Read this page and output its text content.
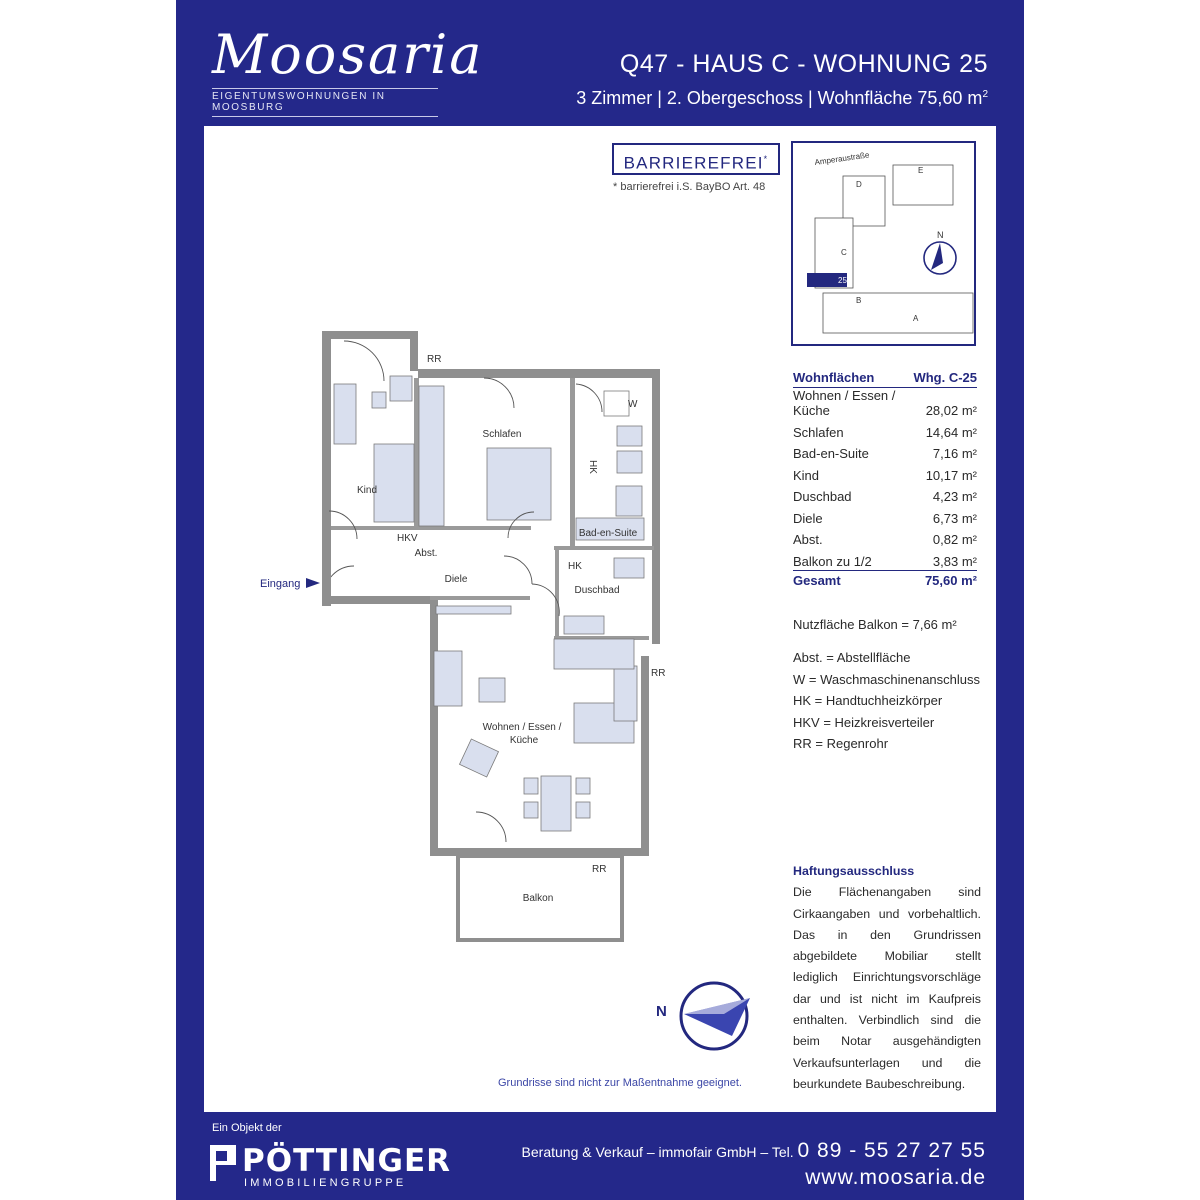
Moosaria
EIGENTUMSWOHNUNGEN IN MOOSBURG
Q47 - HAUS C - WOHNUNG 25
3 Zimmer | 2. Obergeschoss | Wohnfläche 75,60 $m^2$
Kind
Schlafen
Bad-en-Suite
Diele
Duschbad
Wohnen / Essen /
Küche
Balkon
Abst.
RR
RR
RR
HKV
HK
HK
W
Eingang
BARRIEREFREI*
* barrierefrei i.S. BayBO Art. 48
Amperaustraße
A
B
C
D
E
25
N
Wohnflächen	Whg. C-25
Wohnen / Essen / Küche	28,02 m²
Schlafen	14,64 m²
Bad-en-Suite	7,16 m²
Kind	10,17 m²
Duschbad	4,23 m²
Diele	6,73 m²
Abst.	0,82 m²
Balkon zu 1/2	3,83 m²
Gesamt	75,60 m²
Nutzfläche Balkon = 7,66 m²
Abst. = Abstellfläche
W = Waschmaschinenanschluss
HK = Handtuchheizkörper
HKV = Heizkreisverteiler
RR = Regenrohr
Haftungsausschluss
Die Flächenangaben sind Cirkaangaben und vorbehaltlich. Das in den Grundrissen abgebildete Mobiliar stellt lediglich Einrichtungsvorschläge dar und ist nicht im Kaufpreis enthalten. Verbindlich sind die beim Notar ausgehändigten Verkaufsunterlagen und die beurkundete Baubeschreibung.
N
Grundrisse sind nicht zur Maßentnahme geeignet.
Ein Objekt der
PÖTTINGER
IMMOBILIENGRUPPE
Beratung & Verkauf – immofair GmbH – Tel. 0 89 - 55 27 27 55
www.moosaria.de
